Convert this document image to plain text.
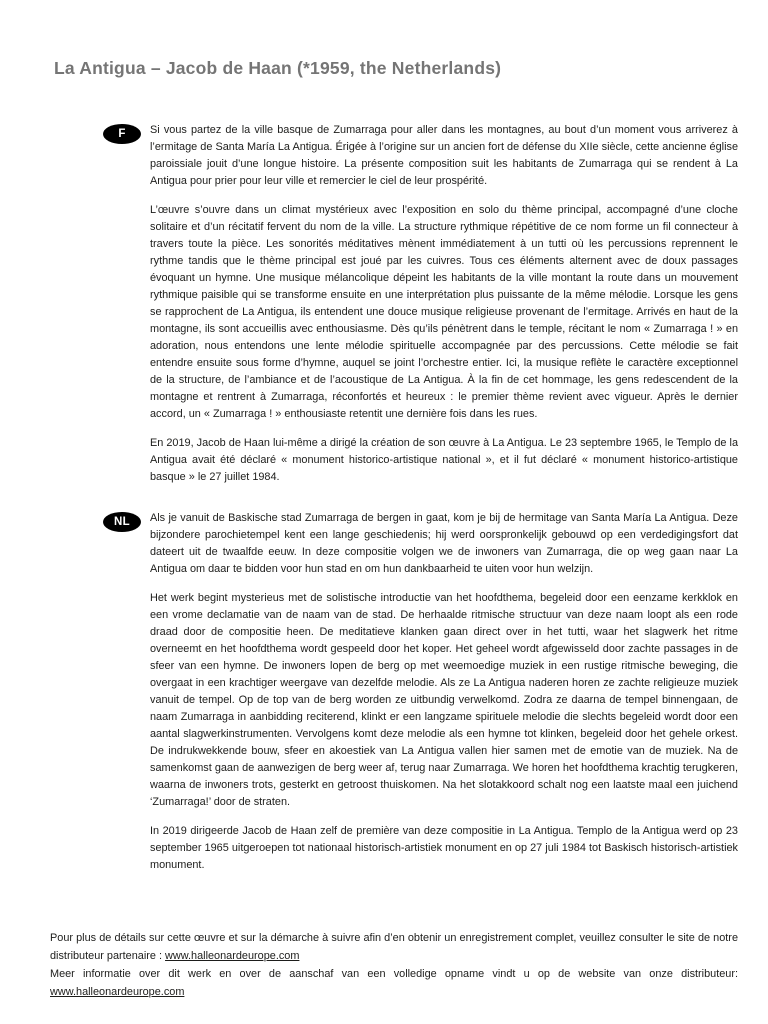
La Antigua – Jacob de Haan (*1959, the Netherlands)
F	Si vous partez de la ville basque de Zumarraga pour aller dans les montagnes, au bout d’un moment vous arriverez à l’ermitage de Santa María La Antigua. Érigée à l’origine sur un ancien fort de défense du XIIe siècle, cette ancienne église paroissiale jouit d’une longue histoire. La présente composition suit les habitants de Zumarraga qui se rendent à La Antigua pour prier pour leur ville et remercier le ciel de leur prospérité.

L’œuvre s’ouvre dans un climat mystérieux avec l’exposition en solo du thème principal, accompagné d’une cloche solitaire et d’un récitatif fervent du nom de la ville. La structure rythmique répétitive de ce nom forme un fil connecteur à travers toute la pièce. Les sonorités méditatives mènent immédiatement à un tutti où les percussions reprennent le rythme tandis que le thème principal est joué par les cuivres. Tous ces éléments alternent avec de doux passages évoquant un hymne. Une musique mélancolique dépeint les habitants de la ville montant la route dans un mouvement rythmique paisible qui se transforme ensuite en une interprétation plus puissante de la même mélodie. Lorsque les gens se rapprochent de La Antigua, ils entendent une douce musique religieuse provenant de l’ermitage. Arrivés en haut de la montagne, ils sont accueillis avec enthousiasme. Dès qu’ils pénètrent dans le temple, récitant le nom « Zumarraga ! » en adoration, nous entendons une lente mélodie spirituelle accompagnée par des percussions. Cette mélodie se fait entendre ensuite sous forme d’hymne, auquel se joint l’orchestre entier. Ici, la musique reflète le caractère exceptionnel de la structure, de l’ambiance et de l’acoustique de La Antigua. À la fin de cet hommage, les gens redescendent de la montagne et rentrent à Zumarraga, réconfortés et heureux : le premier thème revient avec vigueur. Après le dernier accord, un « Zumarraga ! » enthousiaste retentit une dernière fois dans les rues.

En 2019, Jacob de Haan lui-même a dirigé la création de son œuvre à La Antigua. Le 23 septembre 1965, le Templo de la Antigua avait été déclaré « monument historico-artistique national », et il fut déclaré « monument historico-artistique basque » le 27 juillet 1984.

NL	Als je vanuit de Baskische stad Zumarraga de bergen in gaat, kom je bij de hermitage van Santa María La Antigua. Deze bijzondere parochietempel kent een lange geschiedenis; hij werd oorspronkelijk gebouwd op een verdedigingsfort dat dateert uit de twaalfde eeuw. In deze compositie volgen we de inwoners van Zumarraga, die op weg gaan naar La Antigua om daar te bidden voor hun stad en om hun dankbaarheid te uiten voor hun welzijn.

Het werk begint mysterieus met de solistische introductie van het hoofdthema, begeleid door een eenzame kerkklok en een vrome declamatie van de naam van de stad. De herhaalde ritmische structuur van deze naam loopt als een rode draad door de compositie heen. De meditatieve klanken gaan direct over in het tutti, waar het slagwerk het ritme overneemt en het hoofdthema wordt gespeeld door het koper. Het geheel wordt afgewisseld door zachte passages in de sfeer van een hymne. De inwoners lopen de berg op met weemoedige muziek in een rustige ritmische beweging, die overgaat in een krachtiger weergave van dezelfde melodie. Als ze La Antigua naderen horen ze zachte religieuze muziek vanuit de tempel. Op de top van de berg worden ze uitbundig verwelkomd. Zodra ze daarna de tempel binnengaan, de naam Zumarraga in aanbidding reciterend, klinkt er een langzame spirituele melodie die slechts begeleid wordt door een aantal slagwerkinstrumenten. Vervolgens komt deze melodie als een hymne tot klinken, begeleid door het gehele orkest. De indrukwekkende bouw, sfeer en akoestiek van La Antigua vallen hier samen met de emotie van de muziek. Na de samenkomst gaan de aanwezigen de berg weer af, terug naar Zumarraga. We horen het hoofdthema krachtig terugkeren, waarna de inwoners trots, gesterkt en getroost thuiskomen. Na het slotakkoord schalt nog een laatste maal een juichend ‘Zumarraga!’ door de straten.

In 2019 dirigeerde Jacob de Haan zelf de première van deze compositie in La Antigua. Templo de la Antigua werd op 23 september 1965 uitgeroepen tot nationaal historisch-artistiek monument en op 27 juli 1984 tot Baskisch historisch-artistiek monument.

Pour plus de détails sur cette œuvre et sur la démarche à suivre afin d’en obtenir un enregistrement complet, veuillez consulter le site de notre distributeur partenaire : www.halleonardeurope.com

Meer informatie over dit werk en over de aanschaf van een volledige opname vindt u op de website van onze distributeur: www.halleonardeurope.com
